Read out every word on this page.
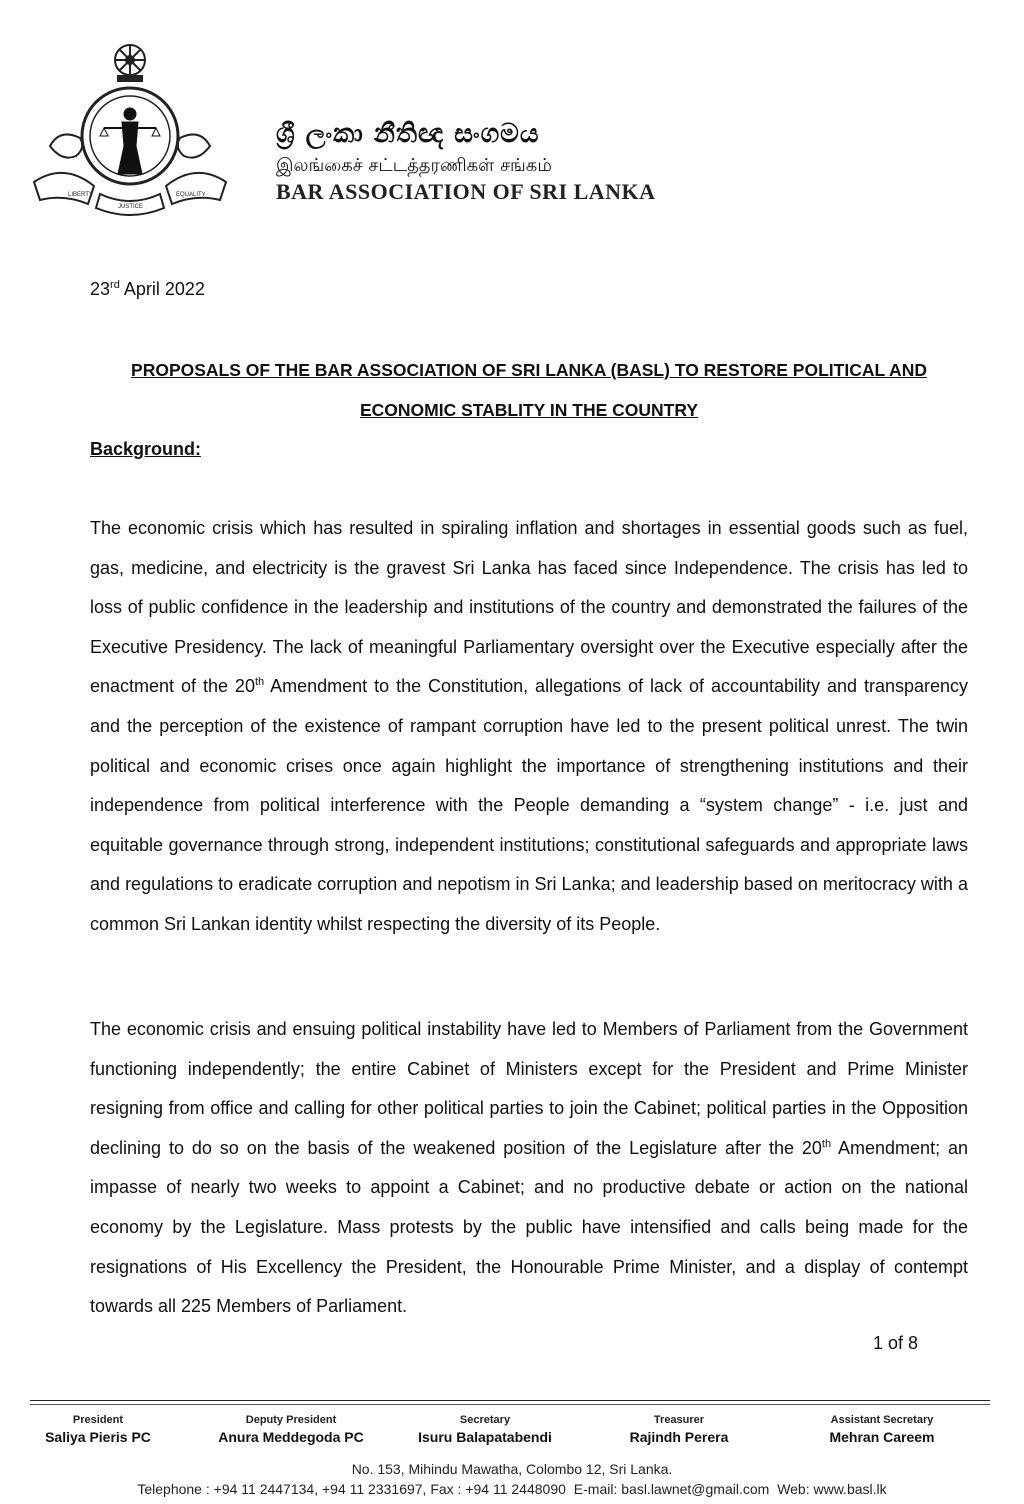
LIBERTY
JUSTICE
EQUALITY
ශ්‍රී ලංකා නීතිඥ සංගමය
இலங்கைச் சட்டத்தரணிகள் சங்கம்
BAR ASSOCIATION OF SRI LANKA
23rd April 2022
PROPOSALS OF THE BAR ASSOCIATION OF SRI LANKA (BASL) TO RESTORE POLITICAL AND
ECONOMIC STABLITY IN THE COUNTRY
Background:

The economic crisis which has resulted in spiraling inflation and shortages in essential goods such as fuel, gas, medicine, and electricity is the gravest Sri Lanka has faced since Independence. The crisis has led to loss of public confidence in the leadership and institutions of the country and demonstrated the failures of the Executive Presidency. The lack of meaningful Parliamentary oversight over the Executive especially after the enactment of the 20th Amendment to the Constitution, allegations of lack of accountability and transparency and the perception of the existence of rampant corruption have led to the present political unrest. The twin political and economic crises once again highlight the importance of strengthening institutions and their independence from political interference with the People demanding a “system change” - i.e. just and equitable governance through strong, independent institutions; constitutional safeguards and appropriate laws and regulations to eradicate corruption and nepotism in Sri Lanka; and leadership based on meritocracy with a common Sri Lankan identity whilst respecting the diversity of its People.

The economic crisis and ensuing political instability have led to Members of Parliament from the Government functioning independently; the entire Cabinet of Ministers except for the President and Prime Minister resigning from office and calling for other political parties to join the Cabinet; political parties in the Opposition declining to do so on the basis of the weakened position of the Legislature after the 20th Amendment; an impasse of nearly two weeks to appoint a Cabinet; and no productive debate or action on the national economy by the Legislature. Mass protests by the public have intensified and calls being made for the resignations of His Excellency the President, the Honourable Prime Minister, and a display of contempt towards all 225 Members of Parliament.

1 of 8
President
Saliya Pieris PC
Deputy President
Anura Meddegoda PC
Secretary
Isuru Balapatabendi
Treasurer
Rajindh Perera
Assistant Secretary
Mehran Careem
No. 153, Mihindu Mawatha, Colombo 12, Sri Lanka.
Telephone : +94 11 2447134, +94 11 2331697, Fax : +94 11 2448090 E-mail: basl.lawnet@gmail.com Web: www.basl.lk
